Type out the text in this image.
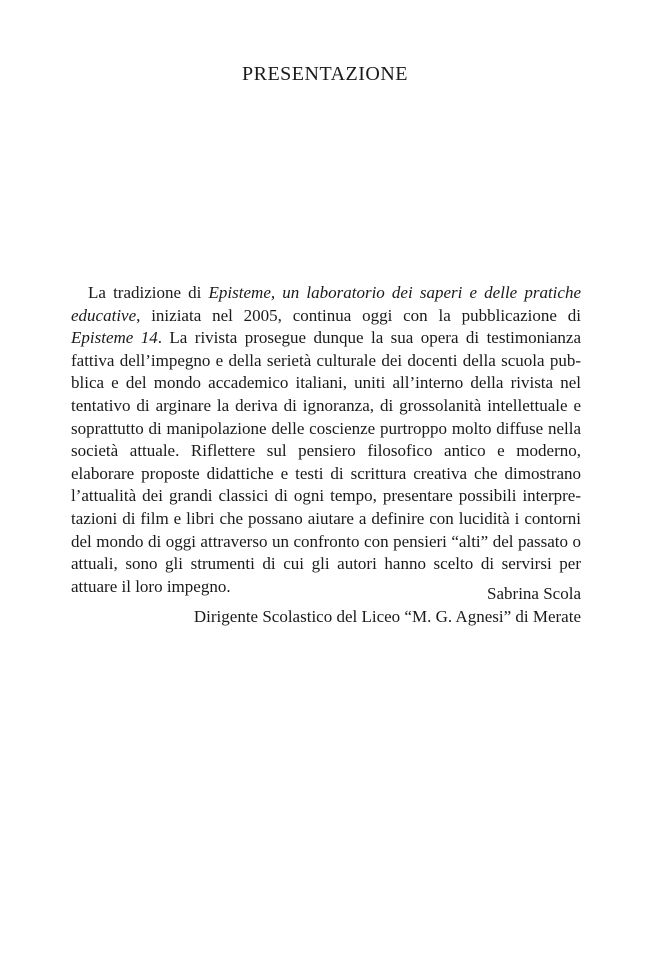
PRESENTAZIONE

La tradizione di Episteme, un laboratorio dei saperi e delle pratiche educative, iniziata nel 2005, continua oggi con la pubblicazione di Episteme 14. La rivista prosegue dunque la sua opera di testimonianza fattiva dell’impegno e della serietà culturale dei docenti della scuola pubblica e del mondo accademico italiani, uniti all’interno della rivista nel tentativo di arginare la deriva di ignoranza, di grossolanità intellettuale e soprattutto di manipolazione delle coscienze purtroppo molto diffuse nella società attuale. Riflettere sul pensiero filosofico antico e moderno, elaborare proposte didattiche e testi di scrittura creativa che dimostrano l’attualità dei grandi classici di ogni tempo, presentare possibili interpretazioni di film e libri che possano aiutare a definire con lucidità i contorni del mondo di oggi attraverso un confronto con pensieri “alti” del passato o attuali, sono gli strumenti di cui gli autori hanno scelto di servirsi per attuare il loro impegno.	Sabrina Scola
Dirigente Scolastico del Liceo “M. G. Agnesi” di Merate
